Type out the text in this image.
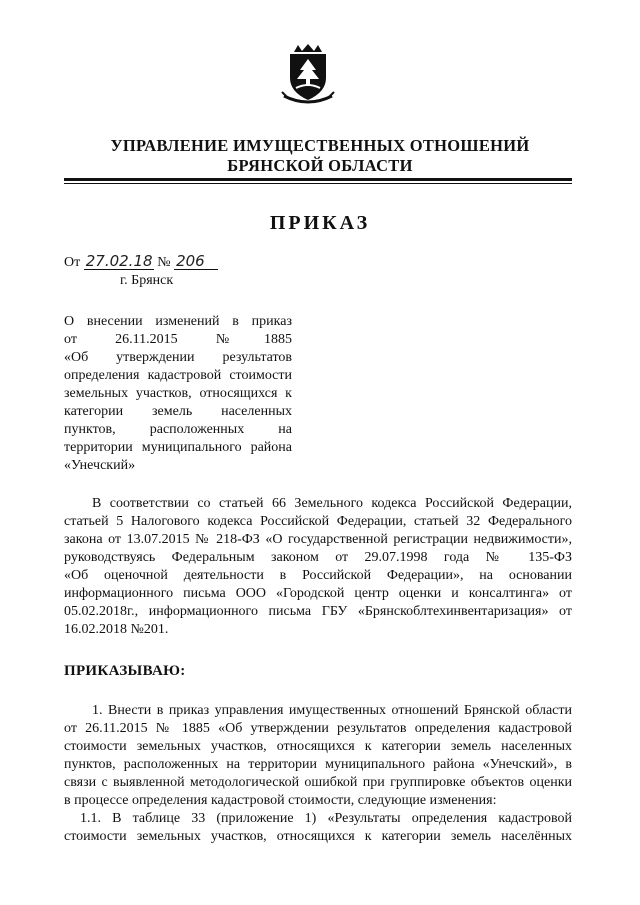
УПРАВЛЕНИЕ ИМУЩЕСТВЕННЫХ ОТНОШЕНИЙ
БРЯНСКОЙ ОБЛАСТИ
ПРИКАЗ
От 27.02.18 № 206
г. Брянск
О внесении изменений в приказ
от 26.11.2015 №1885
«Об утверждении результатов
определения кадастровой стоимости
земельных участков, относящихся к
категории земель населенных
пунктов, расположенных на
территории муниципального района
«Унечский»
В соответствии со статьей 66 Земельного кодекса Российской Федерации,
статьей 5 Налогового кодекса Российской Федерации, статьей 32 Федерального
закона от 13.07.2015 № 218-ФЗ «О государственной регистрации недвижимости»,
руководствуясь Федеральным законом от 29.07.1998 года № 135-ФЗ
«Об оценочной деятельности в Российской Федерации», на основании
информационного письма ООО «Городской центр оценки и консалтинга» от
05.02.2018г., информационного письма ГБУ «Брянскоблтехинвентаризация» от
16.02.2018 №201.
ПРИКАЗЫВАЮ:
1. Внести в приказ управления имущественных отношений Брянской области
от 26.11.2015 № 1885 «Об утверждении результатов определения кадастровой
стоимости земельных участков, относящихся к категории земель населенных
пунктов, расположенных на территории муниципального района «Унечский», в
связи с выявленной методологической ошибкой при группировке объектов оценки
в процессе определения кадастровой стоимости, следующие изменения:
1.1. В таблице 33 (приложение 1) «Результаты определения кадастровой
стоимости земельных участков, относящихся к категории земель населённых
